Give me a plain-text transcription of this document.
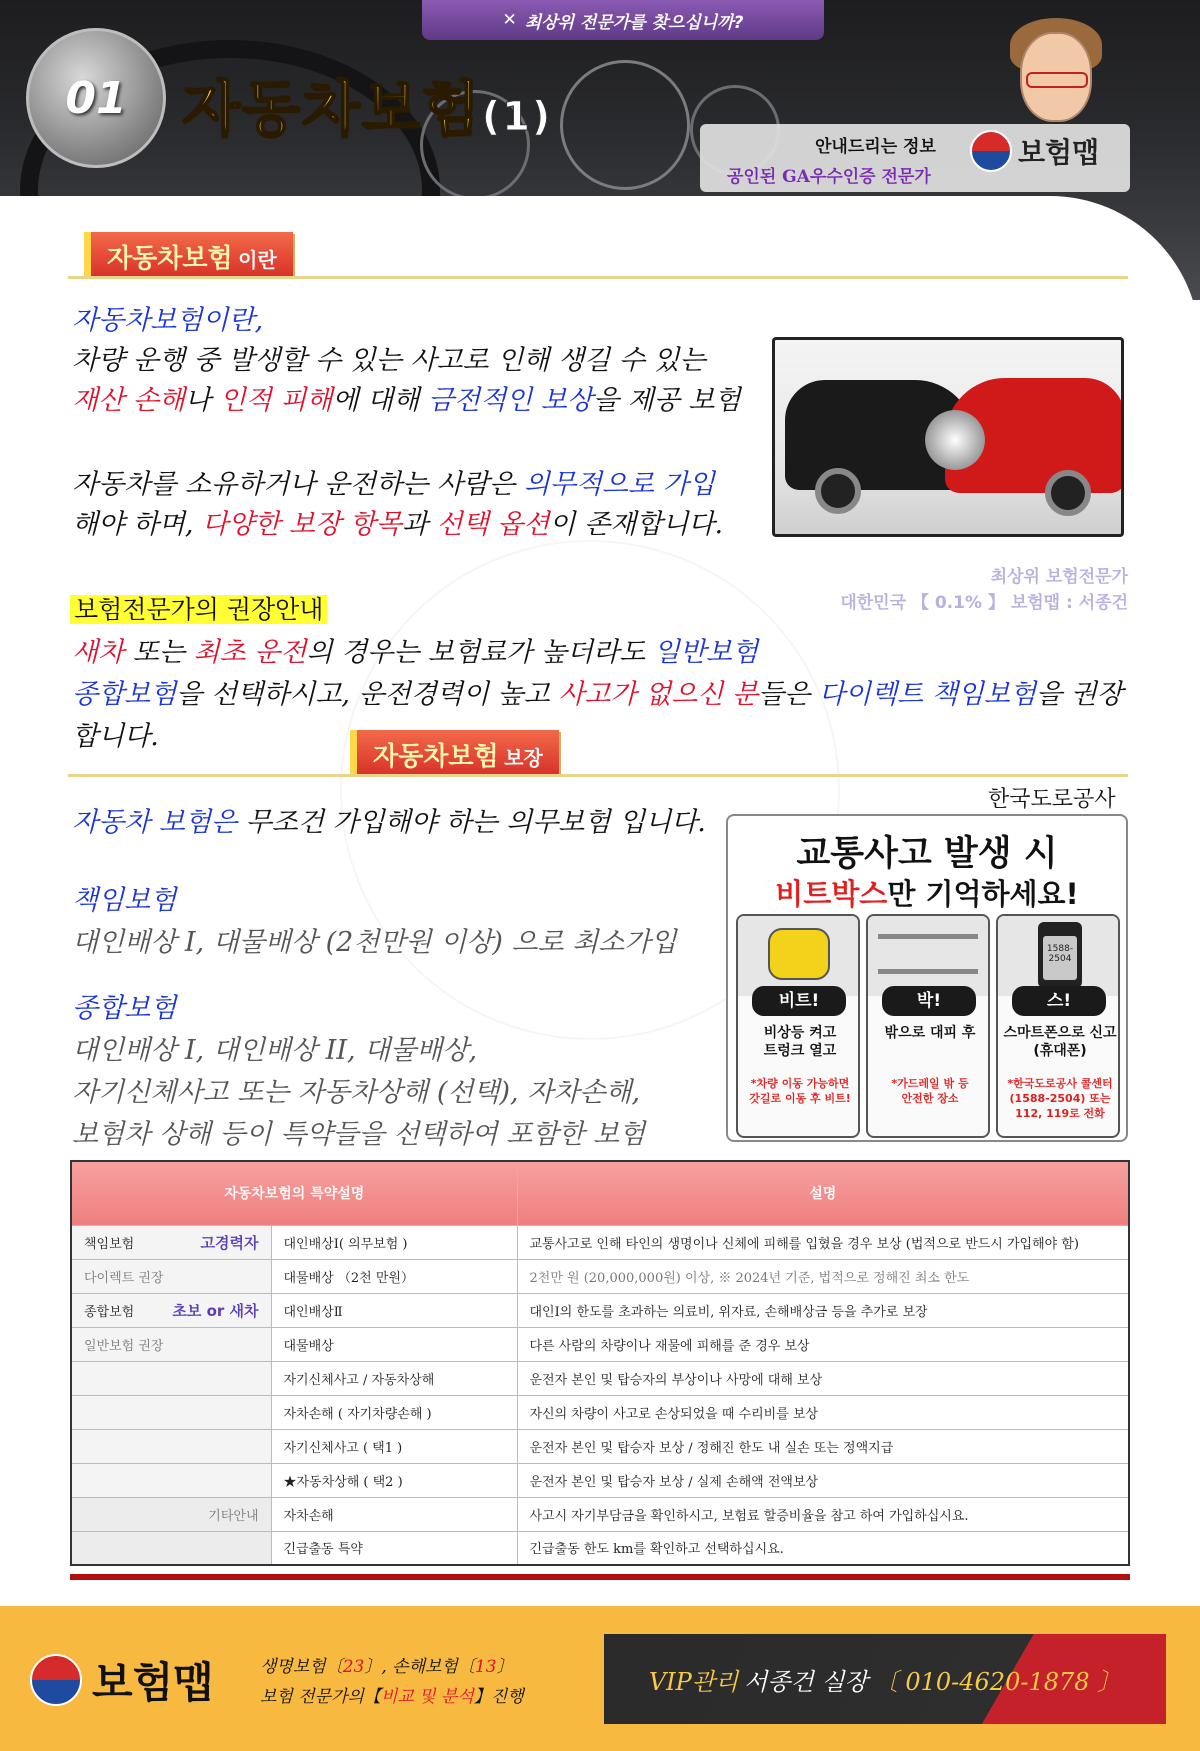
✕ 최상위 전문가를 찾으십니까?
01 자동차보험(1)
안내드리는 정보
공인된 GA우수인증 전문가
보험맵
자동차보험 이란
자동차보험이란,
차량 운행 중 발생할 수 있는 사고로 인해 생길 수 있는
재산 손해나 인적 피해에 대해 금전적인 보상을 제공 보험
자동차를 소유하거나 운전하는 사람은 의무적으로 가입
해야 하며, 다양한 보장 항목과 선택 옵션이 존재합니다.
최상위 보험전문가
대한민국 【 0.1% 】 보험맵 : 서종건
보험전문가의 권장안내
새차 또는 최초 운전의 경우는 보험료가 높더라도 일반보험
종합보험을 선택하시고, 운전경력이 높고 사고가 없으신 분들은 다이렉트 책임보험을 권장
합니다.
자동차보험 보장
자동차 보험은 무조건 가입해야 하는 의무보험 입니다.
책임보험
대인배상 Ⅰ, 대물배상 (2천만원 이상) 으로 최소가입
종합보험
대인배상 Ⅰ, 대인배상 II, 대물배상,
자기신체사고 또는 자동차상해 (선택), 자차손해,
보험차 상해 등이 특약들을 선택하여 포함한 보험
한국도로공사
교통사고 발생 시
비트박스만 기억하세요!
비트!
비상등 켜고
트렁크 열고
*차량 이동 가능하면
갓길로 이동 후 비트!
박!
밖으로 대피 후
*가드레일 밖 등
안전한 장소
1588-
2504
스!
스마트폰으로 신고
(휴대폰)
*한국도로공사 콜센터
(1588-2504) 또는
112, 119로 전화
자동차보험의 특약설명		설명

책임보험 고경력자	대인배상Ⅰ( 의무보험 )	교통사고로 인해 타인의 생명이나 신체에 피해를 입혔을 경우 보상 (법적으로 반드시 가입해야 함)

다이렉트 권장	대물배상 （2천 만원）	2천만 원 (20,000,000원) 이상, ※ 2024년 기준, 법적으로 정해진 최소 한도

종합보험 초보 or 새차	대인배상Ⅱ	대인Ⅰ의 한도를 초과하는 의료비, 위자료, 손해배상금 등을 추가로 보장

일반보험 권장	대물배상	다른 사람의 차량이나 재물에 피해를 준 경우 보상

	자기신체사고 / 자동차상해	운전자 본인 및 탑승자의 부상이나 사망에 대해 보상

	자차손해 ( 자기차량손해 )	자신의 차량이 사고로 손상되었을 때 수리비를 보상

	자기신체사고 ( 택1 )	운전자 본인 및 탑승자 보상 / 정해진 한도 내 실손 또는 정액지급

	★자동차상해 ( 택2 )	운전자 본인 및 탑승자 보상 / 실제 손해액 전액보상

기타안내	자차손해	사고시 자기부담금을 확인하시고, 보험료 할증비율을 참고 하여 가입하십시요.

	긴급출동 특약	긴급출동 한도 km를 확인하고 선택하십시요.
보험맵	생명보험〔23〕, 손해보험〔13〕
보험 전문가의【비교 및 분석】진행
VIP관리 서종건 실장 〔 010-4620-1878 〕
